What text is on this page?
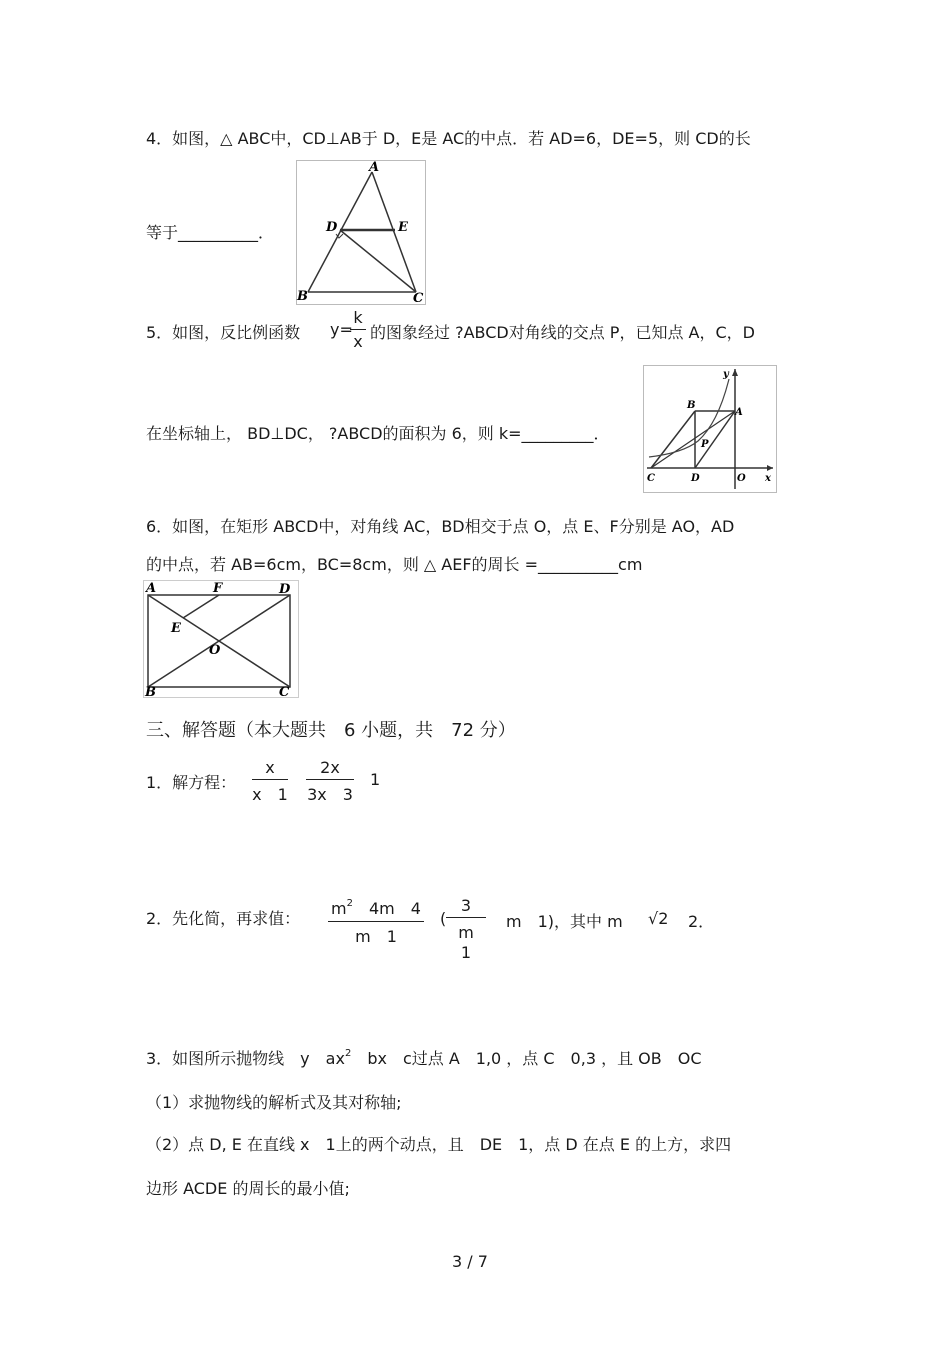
4．如图，△ ABC中，CD⊥AB于 D，E是 AC的中点．若 AD=6，DE=5，则 CD的长
A
D	E
B	C
等于__________．
5．如图，反比例函数 y=
k
x 的图象经过 ?ABCD对角线的交点 P，已知点 A，C，D
A
B
P
C	D	O x
y
在坐标轴上， BD⊥DC， ?ABCD的面积为 6，则 k=_________．
6．如图，在矩形 ABCD中，对角线 AC，BD相交于点 O，点 E、F分别是 AO，AD
的中点，若 AB=6cm，BC=8cm，则 △ AEF的周长 =__________cm
A	F	D
E
O
B	C
三、解答题（本大题共　6 小题，共　72 分）
1．解方程：
x
x　1
2x
3x　3
1
2．先化简，再求值：
$m^2$　4m　4
m　1
(
3
m　1
m　1)，其中 m √2 2．
3．如图所示抛物线　y　$ax^2$　bx　c过点 A　1,0 ，点 C　0,3 ，且 OB　OC
（1）求抛物线的解析式及其对称轴;
（2）点 D, E 在直线 x　1上的两个动点，且　DE　1，点 D 在点 E 的上方，求四
边形 ACDE 的周长的最小值;
3 / 7
